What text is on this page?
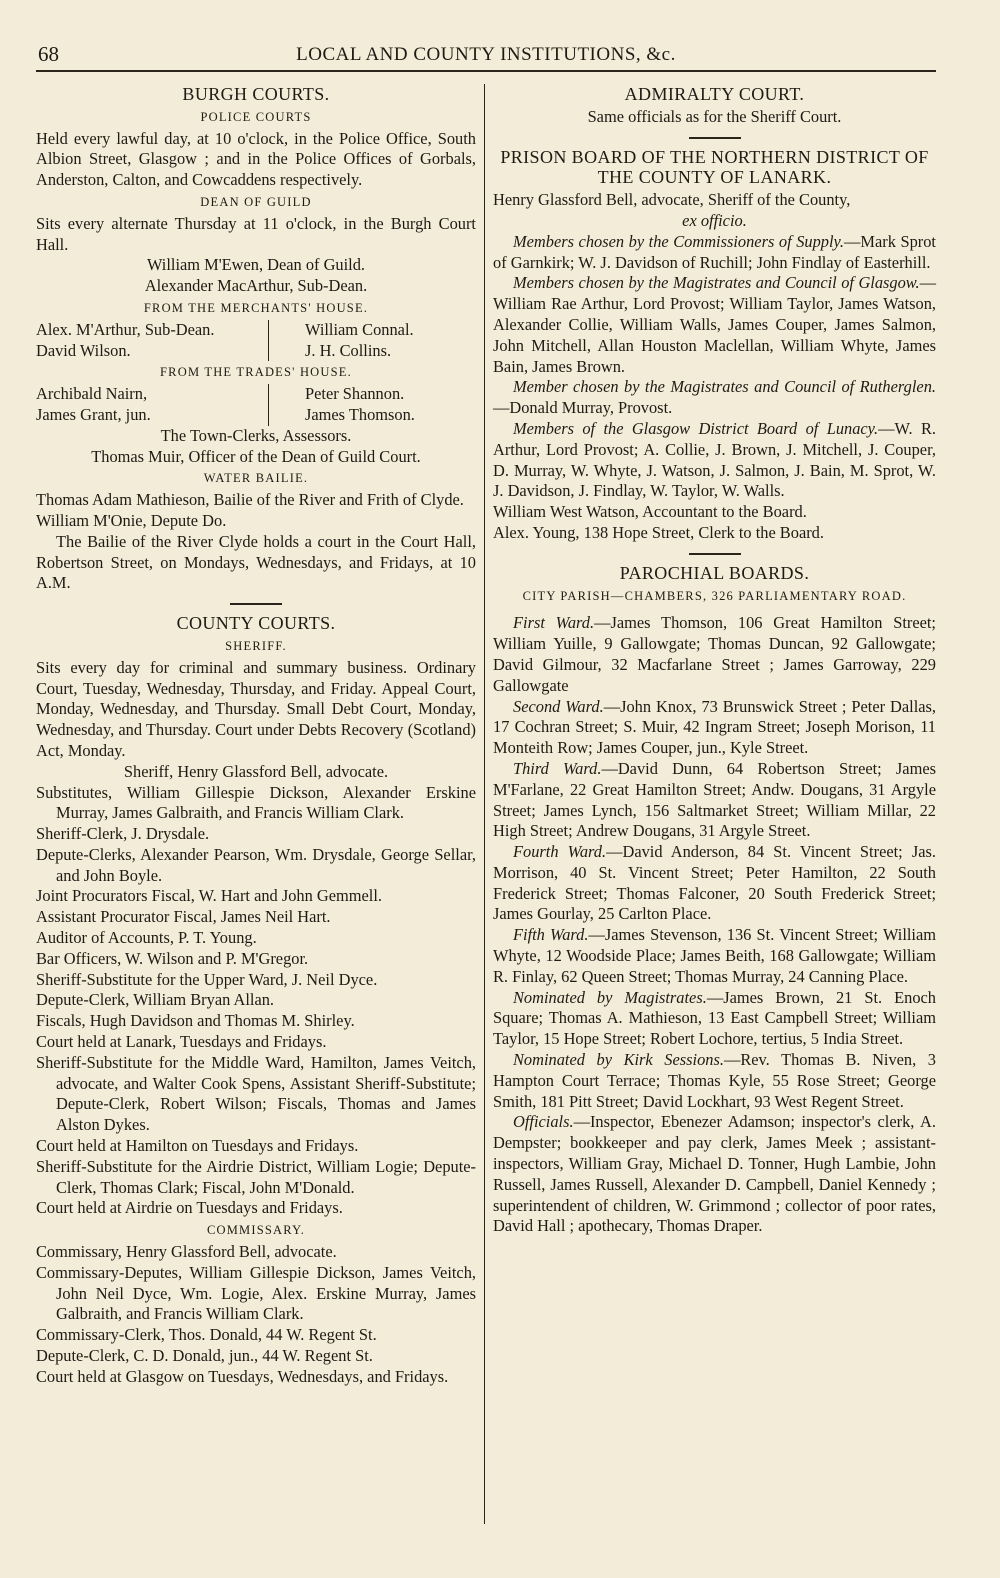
68	LOCAL AND COUNTY INSTITUTIONS, &c.
BURGH COURTS.
POLICE COURTS

Held every lawful day, at 10 o'clock, in the Police Office, South Albion Street, Glasgow ; and in the Police Offices of Gorbals, Anderston, Calton, and Cowcaddens respectively.

DEAN OF GUILD

Sits every alternate Thursday at 11 o'clock, in the Burgh Court Hall.

William M'Ewen, Dean of Guild.

Alexander MacArthur, Sub-Dean.

FROM THE MERCHANTS' HOUSE.
Alex. M'Arthur, Sub-Dean.
David Wilson.
William Connal.
J. H. Collins.
FROM THE TRADES' HOUSE.
Archibald Nairn,
James Grant, jun.
Peter Shannon.
James Thomson.

The Town-Clerks, Assessors.

Thomas Muir, Officer of the Dean of Guild Court.

WATER BAILIE.

Thomas Adam Mathieson, Bailie of the River and Frith of Clyde.

William M'Onie, Depute Do.

The Bailie of the River Clyde holds a court in the Court Hall, Robertson Street, on Mondays, Wednesdays, and Fridays, at 10 A.M.

COUNTY COURTS.
SHERIFF.

Sits every day for criminal and summary business. Ordinary Court, Tuesday, Wednesday, Thursday, and Friday. Appeal Court, Monday, Wednesday, and Thursday. Small Debt Court, Monday, Wednesday, and Thursday. Court under Debts Recovery (Scotland) Act, Monday.

Sheriff, Henry Glassford Bell, advocate.

Substitutes, William Gillespie Dickson, Alexander Erskine Murray, James Galbraith, and Francis William Clark.

Sheriff-Clerk, J. Drysdale.

Depute-Clerks, Alexander Pearson, Wm. Drysdale, George Sellar, and John Boyle.

Joint Procurators Fiscal, W. Hart and John Gemmell.

Assistant Procurator Fiscal, James Neil Hart.

Auditor of Accounts, P. T. Young.

Bar Officers, W. Wilson and P. M'Gregor.

Sheriff-Substitute for the Upper Ward, J. Neil Dyce.

Depute-Clerk, William Bryan Allan.

Fiscals, Hugh Davidson and Thomas M. Shirley.

Court held at Lanark, Tuesdays and Fridays.

Sheriff-Substitute for the Middle Ward, Hamilton, James Veitch, advocate, and Walter Cook Spens, Assistant Sheriff-Substitute; Depute-Clerk, Robert Wilson; Fiscals, Thomas and James Alston Dykes.

Court held at Hamilton on Tuesdays and Fridays.

Sheriff-Substitute for the Airdrie District, William Logie; Depute-Clerk, Thomas Clark; Fiscal, John M'Donald.

Court held at Airdrie on Tuesdays and Fridays.

COMMISSARY.

Commissary, Henry Glassford Bell, advocate.

Commissary-Deputes, William Gillespie Dickson, James Veitch, John Neil Dyce, Wm. Logie, Alex. Erskine Murray, James Galbraith, and Francis William Clark.

Commissary-Clerk, Thos. Donald, 44 W. Regent St.

Depute-Clerk, C. D. Donald, jun., 44 W. Regent St.

Court held at Glasgow on Tuesdays, Wednesdays, and Fridays.

ADMIRALTY COURT.

Same officials as for the Sheriff Court.

PRISON BOARD OF THE NORTHERN DISTRICT OF THE COUNTY OF LANARK.

Henry Glassford Bell, advocate, Sheriff of the County,

ex officio.

Members chosen by the Commissioners of Supply.—Mark Sprot of Garnkirk; W. J. Davidson of Ruchill; John Findlay of Easterhill.

Members chosen by the Magistrates and Council of Glasgow.—William Rae Arthur, Lord Provost; William Taylor, James Watson, Alexander Collie, William Walls, James Couper, James Salmon, John Mitchell, Allan Houston Maclellan, William Whyte, James Bain, James Brown.

Member chosen by the Magistrates and Council of Rutherglen.—Donald Murray, Provost.

Members of the Glasgow District Board of Lunacy.—W. R. Arthur, Lord Provost; A. Collie, J. Brown, J. Mitchell, J. Couper, D. Murray, W. Whyte, J. Watson, J. Salmon, J. Bain, M. Sprot, W. J. Davidson, J. Findlay, W. Taylor, W. Walls.

William West Watson, Accountant to the Board.

Alex. Young, 138 Hope Street, Clerk to the Board.

PAROCHIAL BOARDS.
CITY PARISH—CHAMBERS, 326 PARLIAMENTARY ROAD.

First Ward.—James Thomson, 106 Great Hamilton Street; William Yuille, 9 Gallowgate; Thomas Duncan, 92 Gallowgate; David Gilmour, 32 Macfarlane Street ; James Garroway, 229 Gallowgate

Second Ward.—John Knox, 73 Brunswick Street ; Peter Dallas, 17 Cochran Street; S. Muir, 42 Ingram Street; Joseph Morison, 11 Monteith Row; James Couper, jun., Kyle Street.

Third Ward.—David Dunn, 64 Robertson Street; James M'Farlane, 22 Great Hamilton Street; Andw. Dougans, 31 Argyle Street; James Lynch, 156 Saltmarket Street; William Millar, 22 High Street; Andrew Dougans, 31 Argyle Street.

Fourth Ward.—David Anderson, 84 St. Vincent Street; Jas. Morrison, 40 St. Vincent Street; Peter Hamilton, 22 South Frederick Street; Thomas Falconer, 20 South Frederick Street; James Gourlay, 25 Carlton Place.

Fifth Ward.—James Stevenson, 136 St. Vincent Street; William Whyte, 12 Woodside Place; James Beith, 168 Gallowgate; William R. Finlay, 62 Queen Street; Thomas Murray, 24 Canning Place.

Nominated by Magistrates.—James Brown, 21 St. Enoch Square; Thomas A. Mathieson, 13 East Campbell Street; William Taylor, 15 Hope Street; Robert Lochore, tertius, 5 India Street.

Nominated by Kirk Sessions.—Rev. Thomas B. Niven, 3 Hampton Court Terrace; Thomas Kyle, 55 Rose Street; George Smith, 181 Pitt Street; David Lockhart, 93 West Regent Street.

Officials.—Inspector, Ebenezer Adamson; inspector's clerk, A. Dempster; bookkeeper and pay clerk, James Meek ; assistant-inspectors, William Gray, Michael D. Tonner, Hugh Lambie, John Russell, James Russell, Alexander D. Campbell, Daniel Kennedy ; superintendent of children, W. Grimmond ; collector of poor rates, David Hall ; apothecary, Thomas Draper.
